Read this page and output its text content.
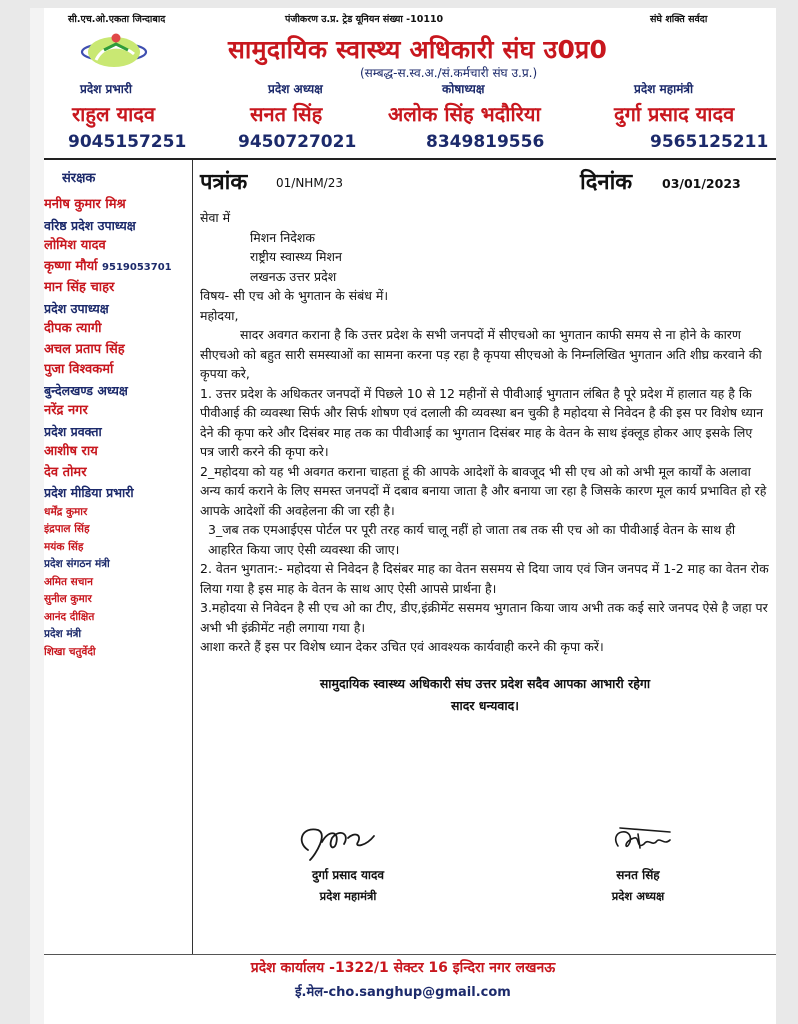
सी.एच.ओ.एकता जिन्दाबाद	पंजीकरण उ.प्र. ट्रेड यूनियन संख्या -10110	संघे शक्ति सर्वदा
सामुदायिक स्वास्थ्य अधिकारी संघ उ0प्र0
(सम्बद्ध-स.स्व.अ./सं.कर्मचारी संघ उ.प्र.)
प्रदेश प्रभारी
राहुल यादव
9045157251
प्रदेश अध्यक्ष
सनत सिंह
9450727021
कोषाध्यक्ष
अलोक सिंह भदौरिया
8349819556
प्रदेश महामंत्री
दुर्गा प्रसाद यादव
9565125211
संरक्षक
मनीष कुमार मिश्र
वरिष्ठ प्रदेश उपाध्यक्ष
लोमिश यादव
कृष्णा मौर्या 9519053701
मान सिंह चाहर
प्रदेश उपाध्यक्ष
दीपक त्यागी
अचल प्रताप सिंह
पुजा विश्वकर्मा
बुन्देलखण्ड अध्यक्ष
नरेंद्र नगर
प्रदेश प्रवक्ता
आशीष राय
देव तोमर
प्रदेश मीडिया प्रभारी
धर्मेंद्र कुमार
इंद्रपाल सिंह
मयंक सिंह
प्रदेश संगठन मंत्री
अमित सचान
सुनील कुमार
आनंद दीक्षित
प्रदेश मंत्री
शिखा चतुर्वेदी
पत्रांक 01/NHM/23	दिनांक 03/01/2023

सेवा में

मिशन निदेशक

राष्ट्रीय स्वास्थ्य मिशन

लखनऊ उत्तर प्रदेश

विषय- सी एच ओ के भुगतान के संबंध में।

महोदया,

सादर अवगत कराना है कि उत्तर प्रदेश के सभी जनपदों में सीएचओ का भुगतान काफी समय से ना होने के कारण सीएचओ को बहुत सारी समस्याओं का सामना करना पड़ रहा है कृपया सीएचओ के निम्नलिखित भुगतान अति शीघ्र करवाने की कृपया करे,

1. उत्तर प्रदेश के अधिकतर जनपदों में पिछले 10 से 12 महीनों से पीवीआई भुगतान लंबित है पूरे प्रदेश में हालात यह है कि पीवीआई की व्यवस्था सिर्फ और सिर्फ शोषण एवं दलाली की व्यवस्था बन चुकी है महोदया से निवेदन है की इस पर विशेष ध्यान देने की कृपा करे और दिसंबर माह तक का पीवीआई का भुगतान दिसंबर माह के वेतन के साथ इंक्लूड होकर आए इसके लिए पत्र जारी करने की कृपा करे।

2_महोदया को यह भी अवगत कराना चाहता हूं की आपके आदेशों के बावजूद भी सी एच ओ को अभी मूल कार्यों के अलावा अन्य कार्य कराने के लिए समस्त जनपदों में दबाव बनाया जाता है और बनाया जा रहा है जिसके कारण मूल कार्य प्रभावित हो रहे आपके आदेशों की अवहेलना की जा रही है।

3_जब तक एमआईएस पोर्टल पर पूरी तरह कार्य चालू नहीं हो जाता तब तक सी एच ओ का पीवीआई वेतन के साथ ही आहरित किया जाए ऐसी व्यवस्था की जाए।

2. वेतन भुगतान:- महोदया से निवेदन है दिसंबर माह का वेतन ससमय से दिया जाय एवं जिन जनपद में 1-2 माह का वेतन रोक लिया गया है इस माह के वेतन के साथ आए ऐसी आपसे प्रार्थना है।

3.महोदया से निवेदन है सी एच ओ का टीए, डीए,इंक्रीमेंट ससमय भुगतान किया जाय अभी तक कई सारे जनपद ऐसे है जहा पर अभी भी इंक्रीमेंट नही लगाया गया है।

आशा करते हैं इस पर विशेष ध्यान देकर उचित एवं आवश्यक कार्यवाही करने की कृपा करें।

सामुदायिक स्वास्थ्य अधिकारी संघ उत्तर प्रदेश सदैव आपका आभारी रहेगा
सादर धन्यवाद।
दुर्गा प्रसाद यादव
प्रदेश महामंत्री
सनत सिंह
प्रदेश अध्यक्ष
प्रदेश कार्यालय -1322/1 सेक्टर 16 इन्दिरा नगर लखनऊ
ई.मेल-cho.sanghup@gmail.com
